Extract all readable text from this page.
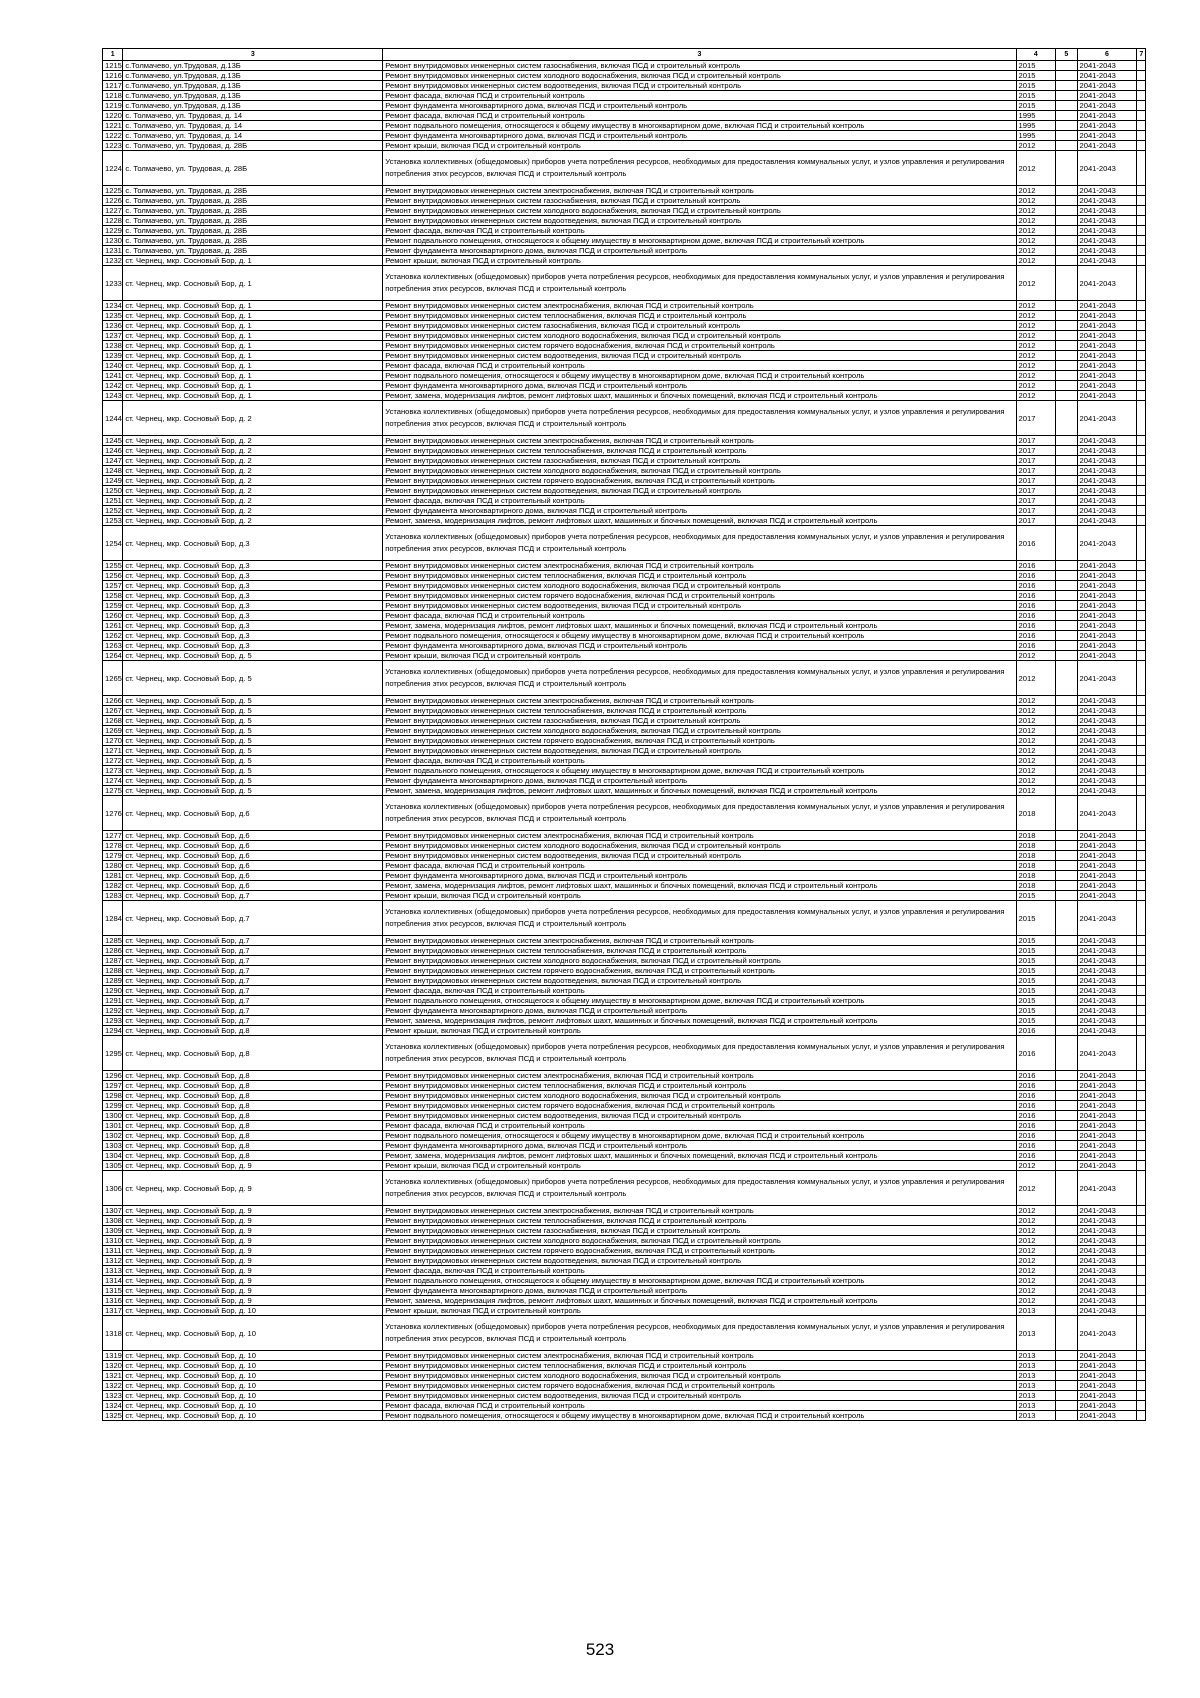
1	3	3	4	5	6	7
1215	с.Толмачево, ул.Трудовая, д.13Б	Ремонт внутридомовых инженерных систем газоснабжения, включая ПСД и строительный контроль	2015		2041-2043	
1216	с.Толмачево, ул.Трудовая, д.13Б	Ремонт внутридомовых инженерных систем холодного водоснабжения, включая ПСД и строительный контроль	2015		2041-2043	
1217	с.Толмачево, ул.Трудовая, д.13Б	Ремонт внутридомовых инженерных систем водоотведения, включая ПСД и строительный контроль	2015		2041-2043	
1218	с.Толмачево, ул.Трудовая, д.13Б	Ремонт фасада, включая ПСД и строительный контроль	2015		2041-2043	
1219	с.Толмачево, ул.Трудовая, д.13Б	Ремонт фундамента многоквартирного дома, включая ПСД и строительный контроль	2015		2041-2043	
1220	с. Толмачево, ул. Трудовая, д. 14	Ремонт фасада, включая ПСД и строительный контроль	1995		2041-2043	
1221	с. Толмачево, ул. Трудовая, д. 14	Ремонт подвального помещения, относящегося к общему имуществу в многоквартирном доме, включая ПСД и строительный контроль	1995		2041-2043	
1222	с. Толмачево, ул. Трудовая, д. 14	Ремонт фундамента многоквартирного дома, включая ПСД и строительный контроль	1995		2041-2043	
1223	с. Толмачево, ул. Трудовая, д. 28Б	Ремонт крыши, включая ПСД и строительный контроль	2012		2041-2043	
1224	с. Толмачево, ул. Трудовая, д. 28Б	Установка коллективных (общедомовых) приборов учета потребления ресурсов, необходимых для предоставления коммунальных услуг, и узлов управления и регулирования потребления этих ресурсов, включая ПСД и строительный контроль	2012		2041-2043	
1225	с. Толмачево, ул. Трудовая, д. 28Б	Ремонт внутридомовых инженерных систем электроснабжения, включая ПСД и строительный контроль	2012		2041-2043	
1226	с. Толмачево, ул. Трудовая, д. 28Б	Ремонт внутридомовых инженерных систем газоснабжения, включая ПСД и строительный контроль	2012		2041-2043	
1227	с. Толмачево, ул. Трудовая, д. 28Б	Ремонт внутридомовых инженерных систем холодного водоснабжения, включая ПСД и строительный контроль	2012		2041-2043	
1228	с. Толмачево, ул. Трудовая, д. 28Б	Ремонт внутридомовых инженерных систем водоотведения, включая ПСД и строительный контроль	2012		2041-2043	
1229	с. Толмачево, ул. Трудовая, д. 28Б	Ремонт фасада, включая ПСД и строительный контроль	2012		2041-2043	
1230	с. Толмачево, ул. Трудовая, д. 28Б	Ремонт подвального помещения, относящегося к общему имуществу в многоквартирном доме, включая ПСД и строительный контроль	2012		2041-2043	
1231	с. Толмачево, ул. Трудовая, д. 28Б	Ремонт фундамента многоквартирного дома, включая ПСД и строительный контроль	2012		2041-2043	
1232	ст. Чернец, мкр. Сосновый Бор, д. 1	Ремонт крыши, включая ПСД и строительный контроль	2012		2041-2043	
1233	ст. Чернец, мкр. Сосновый Бор, д. 1	Установка коллективных (общедомовых) приборов учета потребления ресурсов, необходимых для предоставления коммунальных услуг, и узлов управления и регулирования потребления этих ресурсов, включая ПСД и строительный контроль	2012		2041-2043	
1234	ст. Чернец, мкр. Сосновый Бор, д. 1	Ремонт внутридомовых инженерных систем электроснабжения, включая ПСД и строительный контроль	2012		2041-2043	
1235	ст. Чернец, мкр. Сосновый Бор, д. 1	Ремонт внутридомовых инженерных систем теплоснабжения, включая ПСД и строительный контроль	2012		2041-2043	
1236	ст. Чернец, мкр. Сосновый Бор, д. 1	Ремонт внутридомовых инженерных систем газоснабжения, включая ПСД и строительный контроль	2012		2041-2043	
1237	ст. Чернец, мкр. Сосновый Бор, д. 1	Ремонт внутридомовых инженерных систем холодного водоснабжения, включая ПСД и строительный контроль	2012		2041-2043	
1238	ст. Чернец, мкр. Сосновый Бор, д. 1	Ремонт внутридомовых инженерных систем горячего водоснабжения, включая ПСД и строительный контроль	2012		2041-2043	
1239	ст. Чернец, мкр. Сосновый Бор, д. 1	Ремонт внутридомовых инженерных систем водоотведения, включая ПСД и строительный контроль	2012		2041-2043	
1240	ст. Чернец, мкр. Сосновый Бор, д. 1	Ремонт фасада, включая ПСД и строительный контроль	2012		2041-2043	
1241	ст. Чернец, мкр. Сосновый Бор, д. 1	Ремонт подвального помещения, относящегося к общему имуществу в многоквартирном доме, включая ПСД и строительный контроль	2012		2041-2043	
1242	ст. Чернец, мкр. Сосновый Бор, д. 1	Ремонт фундамента многоквартирного дома, включая ПСД и строительный контроль	2012		2041-2043	
1243	ст. Чернец, мкр. Сосновый Бор, д. 1	Ремонт, замена, модернизация лифтов, ремонт лифтовых шахт, машинных и блочных помещений, включая ПСД и строительный контроль	2012		2041-2043	
1244	ст. Чернец, мкр. Сосновый Бор, д. 2	Установка коллективных (общедомовых) приборов учета потребления ресурсов, необходимых для предоставления коммунальных услуг, и узлов управления и регулирования потребления этих ресурсов, включая ПСД и строительный контроль	2017		2041-2043	
1245	ст. Чернец, мкр. Сосновый Бор, д. 2	Ремонт внутридомовых инженерных систем электроснабжения, включая ПСД и строительный контроль	2017		2041-2043	
1246	ст. Чернец, мкр. Сосновый Бор, д. 2	Ремонт внутридомовых инженерных систем теплоснабжения, включая ПСД и строительный контроль	2017		2041-2043	
1247	ст. Чернец, мкр. Сосновый Бор, д. 2	Ремонт внутридомовых инженерных систем газоснабжения, включая ПСД и строительный контроль	2017		2041-2043	
1248	ст. Чернец, мкр. Сосновый Бор, д. 2	Ремонт внутридомовых инженерных систем холодного водоснабжения, включая ПСД и строительный контроль	2017		2041-2043	
1249	ст. Чернец, мкр. Сосновый Бор, д. 2	Ремонт внутридомовых инженерных систем горячего водоснабжения, включая ПСД и строительный контроль	2017		2041-2043	
1250	ст. Чернец, мкр. Сосновый Бор, д. 2	Ремонт внутридомовых инженерных систем водоотведения, включая ПСД и строительный контроль	2017		2041-2043	
1251	ст. Чернец, мкр. Сосновый Бор, д. 2	Ремонт фасада, включая ПСД и строительный контроль	2017		2041-2043	
1252	ст. Чернец, мкр. Сосновый Бор, д. 2	Ремонт фундамента многоквартирного дома, включая ПСД и строительный контроль	2017		2041-2043	
1253	ст. Чернец, мкр. Сосновый Бор, д. 2	Ремонт, замена, модернизация лифтов, ремонт лифтовых шахт, машинных и блочных помещений, включая ПСД и строительный контроль	2017		2041-2043	
1254	ст. Чернец, мкр. Сосновый Бор, д.3	Установка коллективных (общедомовых) приборов учета потребления ресурсов, необходимых для предоставления коммунальных услуг, и узлов управления и регулирования потребления этих ресурсов, включая ПСД и строительный контроль	2016		2041-2043	
1255	ст. Чернец, мкр. Сосновый Бор, д.3	Ремонт внутридомовых инженерных систем электроснабжения, включая ПСД и строительный контроль	2016		2041-2043	
1256	ст. Чернец, мкр. Сосновый Бор, д.3	Ремонт внутридомовых инженерных систем теплоснабжения, включая ПСД и строительный контроль	2016		2041-2043	
1257	ст. Чернец, мкр. Сосновый Бор, д.3	Ремонт внутридомовых инженерных систем холодного водоснабжения, включая ПСД и строительный контроль	2016		2041-2043	
1258	ст. Чернец, мкр. Сосновый Бор, д.3	Ремонт внутридомовых инженерных систем горячего водоснабжения, включая ПСД и строительный контроль	2016		2041-2043	
1259	ст. Чернец, мкр. Сосновый Бор, д.3	Ремонт внутридомовых инженерных систем водоотведения, включая ПСД и строительный контроль	2016		2041-2043	
1260	ст. Чернец, мкр. Сосновый Бор, д.3	Ремонт фасада, включая ПСД и строительный контроль	2016		2041-2043	
1261	ст. Чернец, мкр. Сосновый Бор, д.3	Ремонт, замена, модернизация лифтов, ремонт лифтовых шахт, машинных и блочных помещений, включая ПСД и строительный контроль	2016		2041-2043	
1262	ст. Чернец, мкр. Сосновый Бор, д.3	Ремонт подвального помещения, относящегося к общему имуществу в многоквартирном доме, включая ПСД и строительный контроль	2016		2041-2043	
1263	ст. Чернец, мкр. Сосновый Бор, д.3	Ремонт фундамента многоквартирного дома, включая ПСД и строительный контроль	2016		2041-2043	
1264	ст. Чернец, мкр. Сосновый Бор, д. 5	Ремонт крыши, включая ПСД и строительный контроль	2012		2041-2043	
1265	ст. Чернец, мкр. Сосновый Бор, д. 5	Установка коллективных (общедомовых) приборов учета потребления ресурсов, необходимых для предоставления коммунальных услуг, и узлов управления и регулирования потребления этих ресурсов, включая ПСД и строительный контроль	2012		2041-2043	
1266	ст. Чернец, мкр. Сосновый Бор, д. 5	Ремонт внутридомовых инженерных систем электроснабжения, включая ПСД и строительный контроль	2012		2041-2043	
1267	ст. Чернец, мкр. Сосновый Бор, д. 5	Ремонт внутридомовых инженерных систем теплоснабжения, включая ПСД и строительный контроль	2012		2041-2043	
1268	ст. Чернец, мкр. Сосновый Бор, д. 5	Ремонт внутридомовых инженерных систем газоснабжения, включая ПСД и строительный контроль	2012		2041-2043	
1269	ст. Чернец, мкр. Сосновый Бор, д. 5	Ремонт внутридомовых инженерных систем холодного водоснабжения, включая ПСД и строительный контроль	2012		2041-2043	
1270	ст. Чернец, мкр. Сосновый Бор, д. 5	Ремонт внутридомовых инженерных систем горячего водоснабжения, включая ПСД и строительный контроль	2012		2041-2043	
1271	ст. Чернец, мкр. Сосновый Бор, д. 5	Ремонт внутридомовых инженерных систем водоотведения, включая ПСД и строительный контроль	2012		2041-2043	
1272	ст. Чернец, мкр. Сосновый Бор, д. 5	Ремонт фасада, включая ПСД и строительный контроль	2012		2041-2043	
1273	ст. Чернец, мкр. Сосновый Бор, д. 5	Ремонт подвального помещения, относящегося к общему имуществу в многоквартирном доме, включая ПСД и строительный контроль	2012		2041-2043	
1274	ст. Чернец, мкр. Сосновый Бор, д. 5	Ремонт фундамента многоквартирного дома, включая ПСД и строительный контроль	2012		2041-2043	
1275	ст. Чернец, мкр. Сосновый Бор, д. 5	Ремонт, замена, модернизация лифтов, ремонт лифтовых шахт, машинных и блочных помещений, включая ПСД и строительный контроль	2012		2041-2043	
1276	ст. Чернец, мкр. Сосновый Бор, д.6	Установка коллективных (общедомовых) приборов учета потребления ресурсов, необходимых для предоставления коммунальных услуг, и узлов управления и регулирования потребления этих ресурсов, включая ПСД и строительный контроль	2018		2041-2043	
1277	ст. Чернец, мкр. Сосновый Бор, д.6	Ремонт внутридомовых инженерных систем электроснабжения, включая ПСД и строительный контроль	2018		2041-2043	
1278	ст. Чернец, мкр. Сосновый Бор, д.6	Ремонт внутридомовых инженерных систем холодного водоснабжения, включая ПСД и строительный контроль	2018		2041-2043	
1279	ст. Чернец, мкр. Сосновый Бор, д.6	Ремонт внутридомовых инженерных систем водоотведения, включая ПСД и строительный контроль	2018		2041-2043	
1280	ст. Чернец, мкр. Сосновый Бор, д.6	Ремонт фасада, включая ПСД и строительный контроль	2018		2041-2043	
1281	ст. Чернец, мкр. Сосновый Бор, д.6	Ремонт фундамента многоквартирного дома, включая ПСД и строительный контроль	2018		2041-2043	
1282	ст. Чернец, мкр. Сосновый Бор, д.6	Ремонт, замена, модернизация лифтов, ремонт лифтовых шахт, машинных и блочных помещений, включая ПСД и строительный контроль	2018		2041-2043	
1283	ст. Чернец, мкр. Сосновый Бор, д.7	Ремонт крыши, включая ПСД и строительный контроль	2015		2041-2043	
1284	ст. Чернец, мкр. Сосновый Бор, д.7	Установка коллективных (общедомовых) приборов учета потребления ресурсов, необходимых для предоставления коммунальных услуг, и узлов управления и регулирования потребления этих ресурсов, включая ПСД и строительный контроль	2015		2041-2043	
1285	ст. Чернец, мкр. Сосновый Бор, д.7	Ремонт внутридомовых инженерных систем электроснабжения, включая ПСД и строительный контроль	2015		2041-2043	
1286	ст. Чернец, мкр. Сосновый Бор, д.7	Ремонт внутридомовых инженерных систем теплоснабжения, включая ПСД и строительный контроль	2015		2041-2043	
1287	ст. Чернец, мкр. Сосновый Бор, д.7	Ремонт внутридомовых инженерных систем холодного водоснабжения, включая ПСД и строительный контроль	2015		2041-2043	
1288	ст. Чернец, мкр. Сосновый Бор, д.7	Ремонт внутридомовых инженерных систем горячего водоснабжения, включая ПСД и строительный контроль	2015		2041-2043	
1289	ст. Чернец, мкр. Сосновый Бор, д.7	Ремонт внутридомовых инженерных систем водоотведения, включая ПСД и строительный контроль	2015		2041-2043	
1290	ст. Чернец, мкр. Сосновый Бор, д.7	Ремонт фасада, включая ПСД и строительный контроль	2015		2041-2043	
1291	ст. Чернец, мкр. Сосновый Бор, д.7	Ремонт подвального помещения, относящегося к общему имуществу в многоквартирном доме, включая ПСД и строительный контроль	2015		2041-2043	
1292	ст. Чернец, мкр. Сосновый Бор, д.7	Ремонт фундамента многоквартирного дома, включая ПСД и строительный контроль	2015		2041-2043	
1293	ст. Чернец, мкр. Сосновый Бор, д.7	Ремонт, замена, модернизация лифтов, ремонт лифтовых шахт, машинных и блочных помещений, включая ПСД и строительный контроль	2015		2041-2043	
1294	ст. Чернец, мкр. Сосновый Бор, д.8	Ремонт крыши, включая ПСД и строительный контроль	2016		2041-2043	
1295	ст. Чернец, мкр. Сосновый Бор, д.8	Установка коллективных (общедомовых) приборов учета потребления ресурсов, необходимых для предоставления коммунальных услуг, и узлов управления и регулирования потребления этих ресурсов, включая ПСД и строительный контроль	2016		2041-2043	
1296	ст. Чернец, мкр. Сосновый Бор, д.8	Ремонт внутридомовых инженерных систем электроснабжения, включая ПСД и строительный контроль	2016		2041-2043	
1297	ст. Чернец, мкр. Сосновый Бор, д.8	Ремонт внутридомовых инженерных систем теплоснабжения, включая ПСД и строительный контроль	2016		2041-2043	
1298	ст. Чернец, мкр. Сосновый Бор, д.8	Ремонт внутридомовых инженерных систем холодного водоснабжения, включая ПСД и строительный контроль	2016		2041-2043	
1299	ст. Чернец, мкр. Сосновый Бор, д.8	Ремонт внутридомовых инженерных систем горячего водоснабжения, включая ПСД и строительный контроль	2016		2041-2043	
1300	ст. Чернец, мкр. Сосновый Бор, д.8	Ремонт внутридомовых инженерных систем водоотведения, включая ПСД и строительный контроль	2016		2041-2043	
1301	ст. Чернец, мкр. Сосновый Бор, д.8	Ремонт фасада, включая ПСД и строительный контроль	2016		2041-2043	
1302	ст. Чернец, мкр. Сосновый Бор, д.8	Ремонт подвального помещения, относящегося к общему имуществу в многоквартирном доме, включая ПСД и строительный контроль	2016		2041-2043	
1303	ст. Чернец, мкр. Сосновый Бор, д.8	Ремонт фундамента многоквартирного дома, включая ПСД и строительный контроль	2016		2041-2043	
1304	ст. Чернец, мкр. Сосновый Бор, д.8	Ремонт, замена, модернизация лифтов, ремонт лифтовых шахт, машинных и блочных помещений, включая ПСД и строительный контроль	2016		2041-2043	
1305	ст. Чернец, мкр. Сосновый Бор, д. 9	Ремонт крыши, включая ПСД и строительный контроль	2012		2041-2043	
1306	ст. Чернец, мкр. Сосновый Бор, д. 9	Установка коллективных (общедомовых) приборов учета потребления ресурсов, необходимых для предоставления коммунальных услуг, и узлов управления и регулирования потребления этих ресурсов, включая ПСД и строительный контроль	2012		2041-2043	
1307	ст. Чернец, мкр. Сосновый Бор, д. 9	Ремонт внутридомовых инженерных систем электроснабжения, включая ПСД и строительный контроль	2012		2041-2043	
1308	ст. Чернец, мкр. Сосновый Бор, д. 9	Ремонт внутридомовых инженерных систем теплоснабжения, включая ПСД и строительный контроль	2012		2041-2043	
1309	ст. Чернец, мкр. Сосновый Бор, д. 9	Ремонт внутридомовых инженерных систем газоснабжения, включая ПСД и строительный контроль	2012		2041-2043	
1310	ст. Чернец, мкр. Сосновый Бор, д. 9	Ремонт внутридомовых инженерных систем холодного водоснабжения, включая ПСД и строительный контроль	2012		2041-2043	
1311	ст. Чернец, мкр. Сосновый Бор, д. 9	Ремонт внутридомовых инженерных систем горячего водоснабжения, включая ПСД и строительный контроль	2012		2041-2043	
1312	ст. Чернец, мкр. Сосновый Бор, д. 9	Ремонт внутридомовых инженерных систем водоотведения, включая ПСД и строительный контроль	2012		2041-2043	
1313	ст. Чернец, мкр. Сосновый Бор, д. 9	Ремонт фасада, включая ПСД и строительный контроль	2012		2041-2043	
1314	ст. Чернец, мкр. Сосновый Бор, д. 9	Ремонт подвального помещения, относящегося к общему имуществу в многоквартирном доме, включая ПСД и строительный контроль	2012		2041-2043	
1315	ст. Чернец, мкр. Сосновый Бор, д. 9	Ремонт фундамента многоквартирного дома, включая ПСД и строительный контроль	2012		2041-2043	
1316	ст. Чернец, мкр. Сосновый Бор, д. 9	Ремонт, замена, модернизация лифтов, ремонт лифтовых шахт, машинных и блочных помещений, включая ПСД и строительный контроль	2012		2041-2043	
1317	ст. Чернец, мкр. Сосновый Бор, д. 10	Ремонт крыши, включая ПСД и строительный контроль	2013		2041-2043	
1318	ст. Чернец, мкр. Сосновый Бор, д. 10	Установка коллективных (общедомовых) приборов учета потребления ресурсов, необходимых для предоставления коммунальных услуг, и узлов управления и регулирования потребления этих ресурсов, включая ПСД и строительный контроль	2013		2041-2043	
1319	ст. Чернец, мкр. Сосновый Бор, д. 10	Ремонт внутридомовых инженерных систем электроснабжения, включая ПСД и строительный контроль	2013		2041-2043	
1320	ст. Чернец, мкр. Сосновый Бор, д. 10	Ремонт внутридомовых инженерных систем теплоснабжения, включая ПСД и строительный контроль	2013		2041-2043	
1321	ст. Чернец, мкр. Сосновый Бор, д. 10	Ремонт внутридомовых инженерных систем холодного водоснабжения, включая ПСД и строительный контроль	2013		2041-2043	
1322	ст. Чернец, мкр. Сосновый Бор, д. 10	Ремонт внутридомовых инженерных систем горячего водоснабжения, включая ПСД и строительный контроль	2013		2041-2043	
1323	ст. Чернец, мкр. Сосновый Бор, д. 10	Ремонт внутридомовых инженерных систем водоотведения, включая ПСД и строительный контроль	2013		2041-2043	
1324	ст. Чернец, мкр. Сосновый Бор, д. 10	Ремонт фасада, включая ПСД и строительный контроль	2013		2041-2043	
1325	ст. Чернец, мкр. Сосновый Бор, д. 10	Ремонт подвального помещения, относящегося к общему имуществу в многоквартирном доме, включая ПСД и строительный контроль	2013		2041-2043	
523
